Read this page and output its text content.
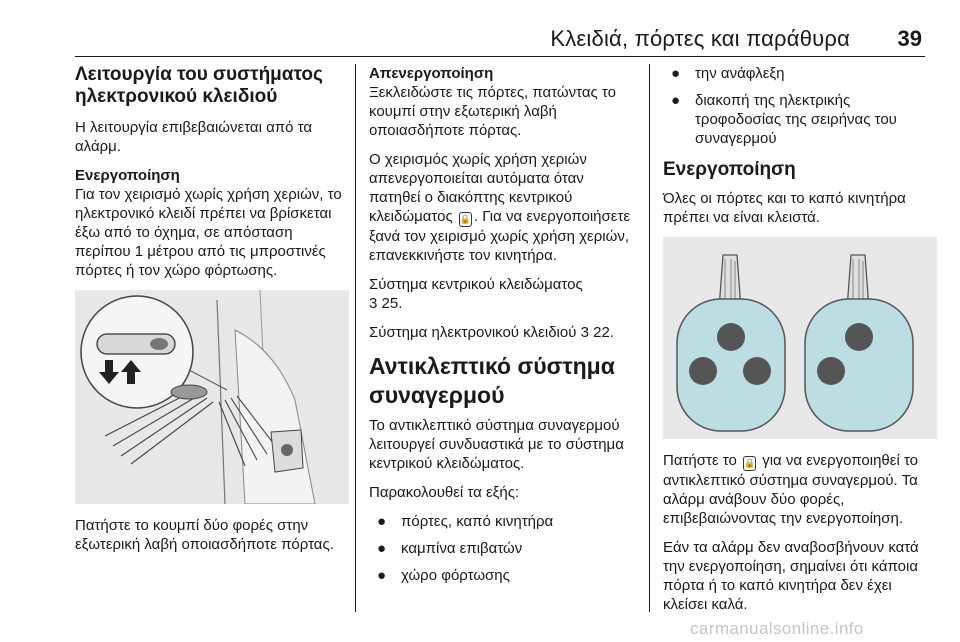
Κλειδιά, πόρτες και παράθυρα 39
Λειτουργία του συστήματος ηλεκτρονικού κλειδιού

Η λειτουργία επιβεβαιώνεται από τα αλάρμ.

Ενεργοποίηση

Για τον χειρισμό χωρίς χρήση χεριών, το ηλεκτρονικό κλειδί πρέπει να βρίσκεται έξω από το όχημα, σε απόσταση περίπου 1 μέτρου από τις μπροστινές πόρτες ή τον χώρο φόρτωσης.

Πατήστε το κουμπί δύο φορές στην εξωτερική λαβή οποιασδήποτε πόρτας.

Απενεργοποίηση

Ξεκλειδώστε τις πόρτες, πατώντας το κουμπί στην εξωτερική λαβή οποιασδήποτε πόρτας.

Ο χειρισμός χωρίς χρήση χεριών απενεργοποιείται αυτόματα όταν πατηθεί ο διακόπτης κεντρικού κλειδώματος 🔒 . Για να ενεργοποιήσετε ξανά τον χειρισμό χωρίς χρήση χεριών, επανεκκινήστε τον κινητήρα.

Σύστημα κεντρικού κλειδώματος
3 25.

Σύστημα ηλεκτρονικού κλειδιού 3 22.

Αντικλεπτικό σύστημα συναγερμού

Το αντικλεπτικό σύστημα συναγερμού λειτουργεί συνδυαστικά με το σύστημα κεντρικού κλειδώματος.

Παρακολουθεί τα εξής:

● πόρτες, καπό κινητήρα
● καμπίνα επιβατών
● χώρο φόρτωσης
● την ανάφλεξη
● διακοπή της ηλεκτρικής τροφοδοσίας της σειρήνας του συναγερμού
Ενεργοποίηση

Όλες οι πόρτες και το καπό κινητήρα πρέπει να είναι κλειστά.

Πατήστε το 🔒 για να ενεργοποιηθεί το αντικλεπτικό σύστημα συναγερμού. Τα αλάρμ ανάβουν δύο φορές, επιβεβαιώνοντας την ενεργοποίηση.

Εάν τα αλάρμ δεν αναβοσβήνουν κατά την ενεργοποίηση, σημαίνει ότι κάποια πόρτα ή το καπό κινητήρα δεν έχει κλείσει καλά.

carmanualsonline.info
